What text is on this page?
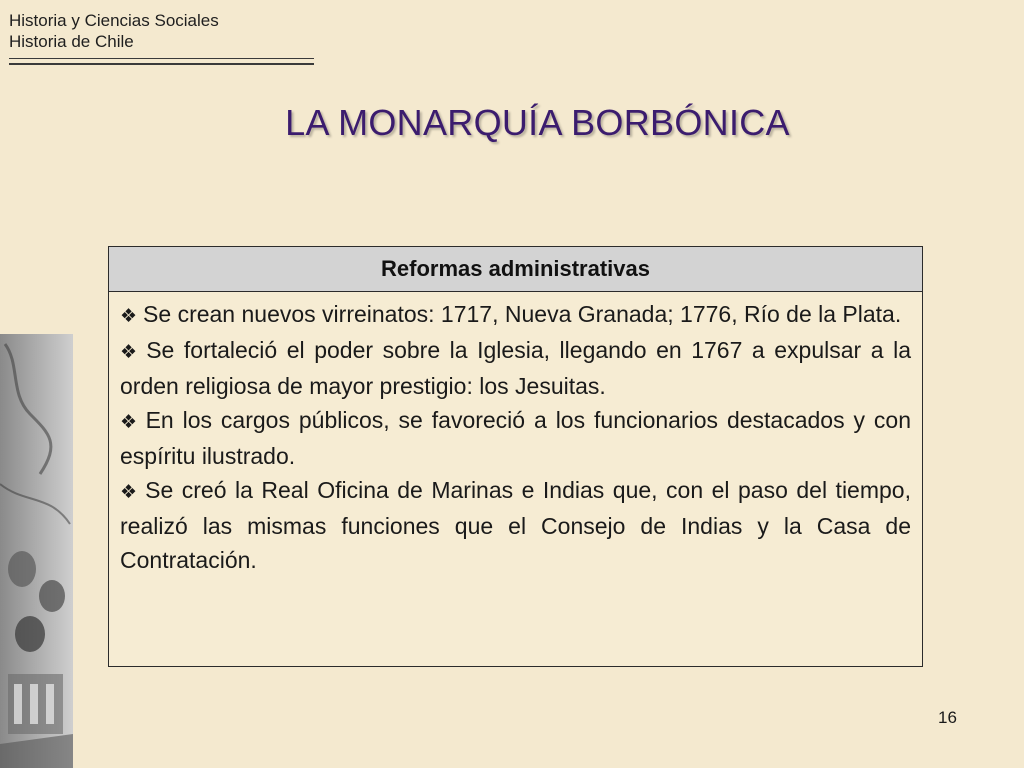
Historia y Ciencias Sociales
Historia de Chile
LA MONARQUÍA BORBÓNICA
Reformas administrativas
❖ Se crean nuevos virreinatos: 1717, Nueva Granada; 1776, Río de la Plata.
❖ Se fortaleció el poder sobre la Iglesia, llegando en 1767 a expulsar a la orden religiosa de mayor prestigio: los Jesuitas.
❖ En los cargos públicos, se favoreció a los funcionarios destacados y con espíritu ilustrado.
❖ Se creó la Real Oficina de Marinas e Indias que, con el paso del tiempo, realizó las mismas funciones que el Consejo de Indias y la Casa de Contratación.
16
